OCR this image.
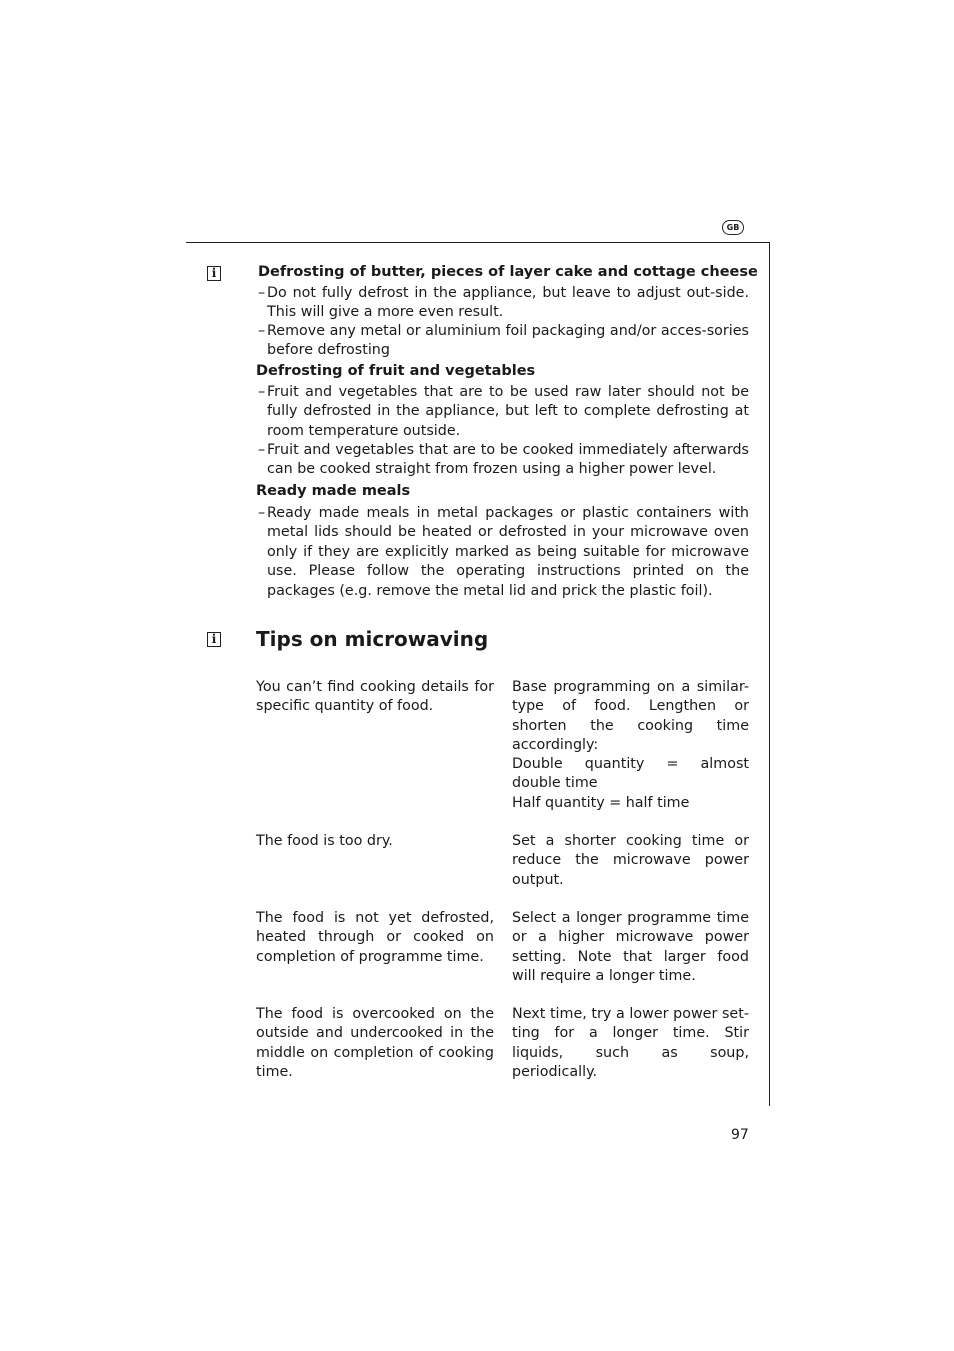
GB
i	Defrosting of butter, pieces of layer cake and cottage cheese
– Do not fully defrost in the appliance, but leave to adjust out-side. This will give a more even result.
– Remove any metal or aluminium foil packaging and/or acces-sories before defrosting
Defrosting of fruit and vegetables
– Fruit and vegetables that are to be used raw later should not be fully defrosted in the appliance, but left to complete defrosting at room temperature outside.
– Fruit and vegetables that are to be cooked immediately afterwards can be cooked straight from frozen using a higher power level.
Ready made meals
– Ready made meals in metal packages or plastic containers with metal lids should be heated or defrosted in your microwave oven only if they are explicitly marked as being suitable for microwave use. Please follow the operating instructions printed on the packages (e.g. remove the metal lid and prick the plastic foil).
i Tips on microwaving
You can’t find cooking details for specific quantity of food.
Base programming on a similar-type of food. Lengthen or shorten the cooking time accordingly:
Double quantity = almost double time
Half quantity = half time
The food is too dry.	Set a shorter cooking time or reduce the microwave power output.
The food is not yet defrosted, heated through or cooked on completion of programme time.
Select a longer programme time or a higher microwave power setting. Note that larger food will require a longer time.
The food is overcooked on the outside and undercooked in the middle on completion of cooking time.
Next time, try a lower power set-ting for a longer time. Stir liquids, such as soup, periodically.
97
